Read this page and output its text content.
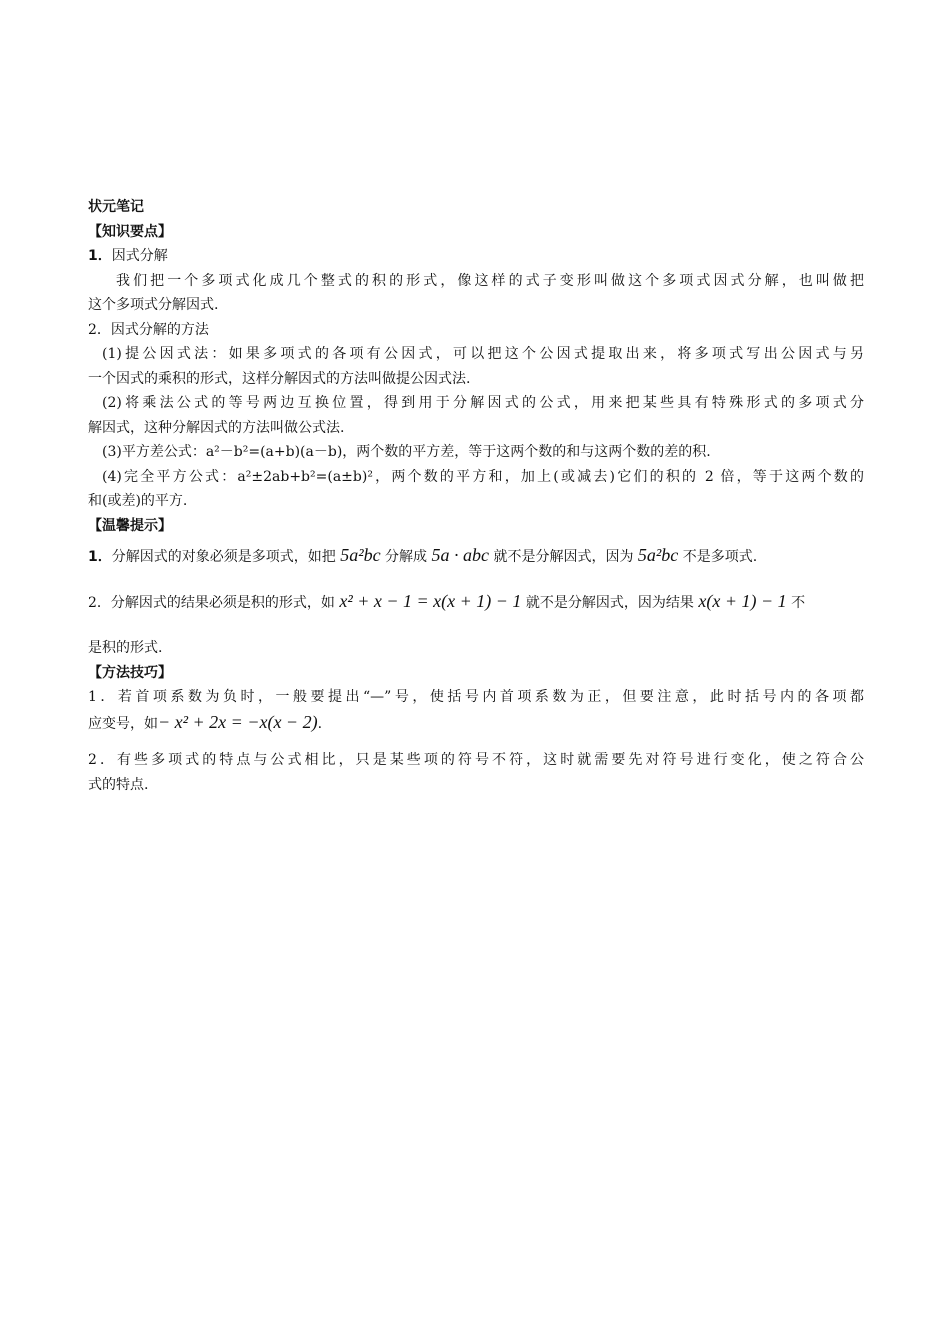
状元笔记
【知识要点】
1．因式分解
我们把一个多项式化成几个整式的积的形式，像这样的式子变形叫做这个多项式因式分解，也叫做把
这个多项式分解因式.
2．因式分解的方法
(1)提公因式法：如果多项式的各项有公因式，可以把这个公因式提取出来，将多项式写出公因式与另
一个因式的乘积的形式，这样分解因式的方法叫做提公因式法.
(2)将乘法公式的等号两边互换位置，得到用于分解因式的公式，用来把某些具有特殊形式的多项式分
解因式，这种分解因式的方法叫做公式法.
(3)平方差公式：a²－b²=(a+b)(a－b)，两个数的平方差，等于这两个数的和与这两个数的差的积.
(4)完全平方公式：a²±2ab+b²=(a±b)²，两个数的平方和，加上(或减去)它们的积的 2 倍，等于这两个数的
和(或差)的平方.
【温馨提示】
1．分解因式的对象必须是多项式，如把 5a²bc 分解成 5a · abc 就不是分解因式，因为 5a²bc 不是多项式.
2．分解因式的结果必须是积的形式，如 x² + x − 1 = x(x + 1) − 1 就不是分解因式，因为结果 x(x + 1) − 1 不
是积的形式.
【方法技巧】
1．若首项系数为负时，一般要提出“—”号，使括号内首项系数为正，但要注意，此时括号内的各项都
应变号，如− x² + 2x = −x(x − 2).
2．有些多项式的特点与公式相比，只是某些项的符号不符，这时就需要先对符号进行变化，使之符合公
式的特点.
